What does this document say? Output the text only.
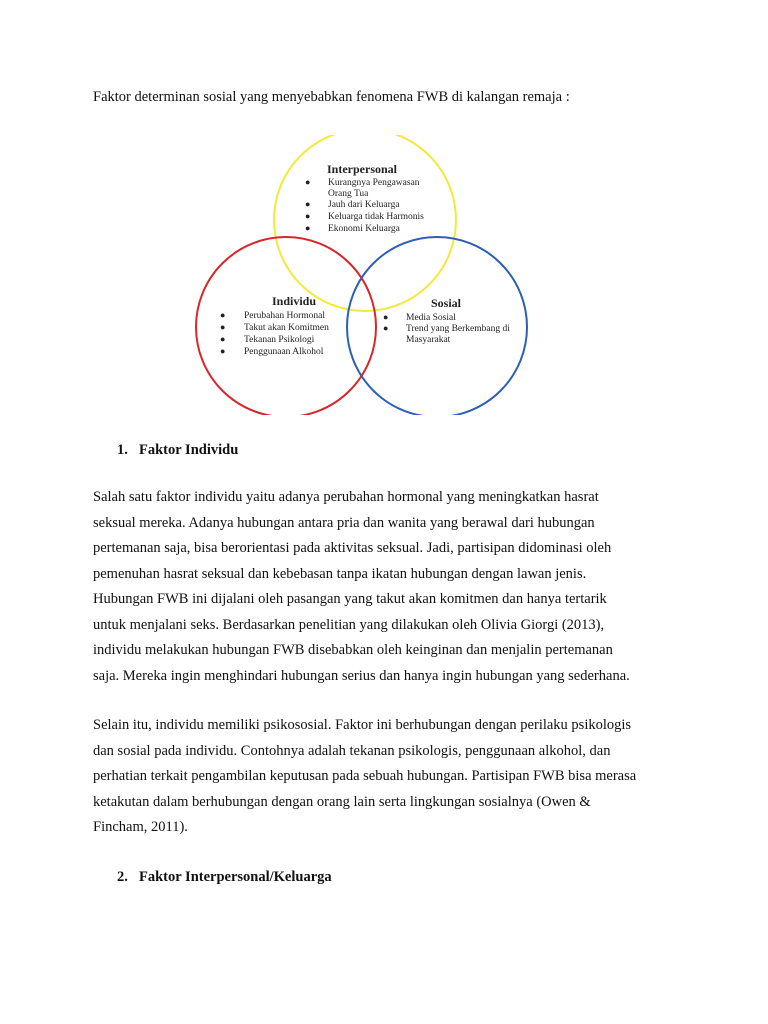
Faktor determinan sosial yang menyebabkan fenomena FWB di kalangan remaja :
Interpersonal
● Kurangnya Pengawasan
Orang Tua
● Jauh dari Keluarga
● Keluarga tidak Harmonis
● Ekonomi Keluarga
Individu
● Perubahan Hormonal
● Takut akan Komitmen
● Tekanan Psikologi
● Penggunaan Alkohol
Sosial
● Media Sosial
● Trend yang Berkembang di
Masyarakat
1. Faktor Individu
Salah satu faktor individu yaitu adanya perubahan hormonal yang meningkatkan hasrat
seksual mereka. Adanya hubungan antara pria dan wanita yang berawal dari hubungan
pertemanan saja, bisa berorientasi pada aktivitas seksual. Jadi, partisipan didominasi oleh
pemenuhan hasrat seksual dan kebebasan tanpa ikatan hubungan dengan lawan jenis.
Hubungan FWB ini dijalani oleh pasangan yang takut akan komitmen dan hanya tertarik
untuk menjalani seks. Berdasarkan penelitian yang dilakukan oleh Olivia Giorgi (2013),
individu melakukan hubungan FWB disebabkan oleh keinginan dan menjalin pertemanan
saja. Mereka ingin menghindari hubungan serius dan hanya ingin hubungan yang sederhana.
Selain itu, individu memiliki psikososial. Faktor ini berhubungan dengan perilaku psikologis
dan sosial pada individu. Contohnya adalah tekanan psikologis, penggunaan alkohol, dan
perhatian terkait pengambilan keputusan pada sebuah hubungan. Partisipan FWB bisa merasa
ketakutan dalam berhubungan dengan orang lain serta lingkungan sosialnya (Owen &
Fincham, 2011).
2. Faktor Interpersonal/Keluarga
